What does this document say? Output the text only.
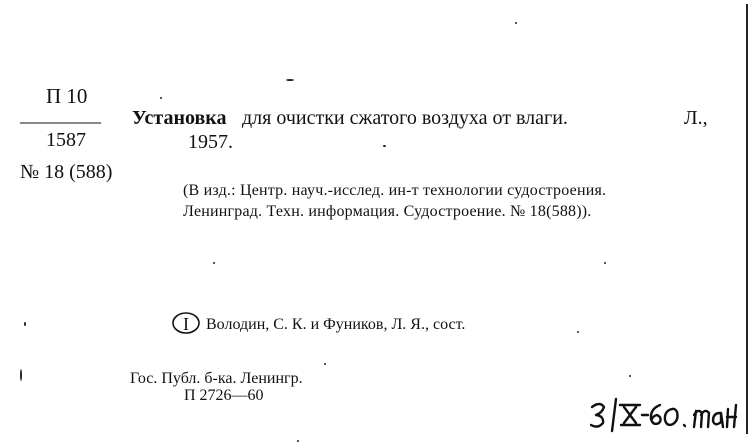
П 10
————
1587
№ 18 (588)
Установка для очистки сжатого воздуха от влаги.	Л.,
1957.
(В изд.: Центр. науч.-исслед. ин-т технологии судостроения.
Ленинград. Техн. информация. Судостроение. № 18(588)).
I Володин, С. К. и Фуников, Л. Я., сост.
Гос. Публ. б-ка. Ленингр.
П 2726—60
